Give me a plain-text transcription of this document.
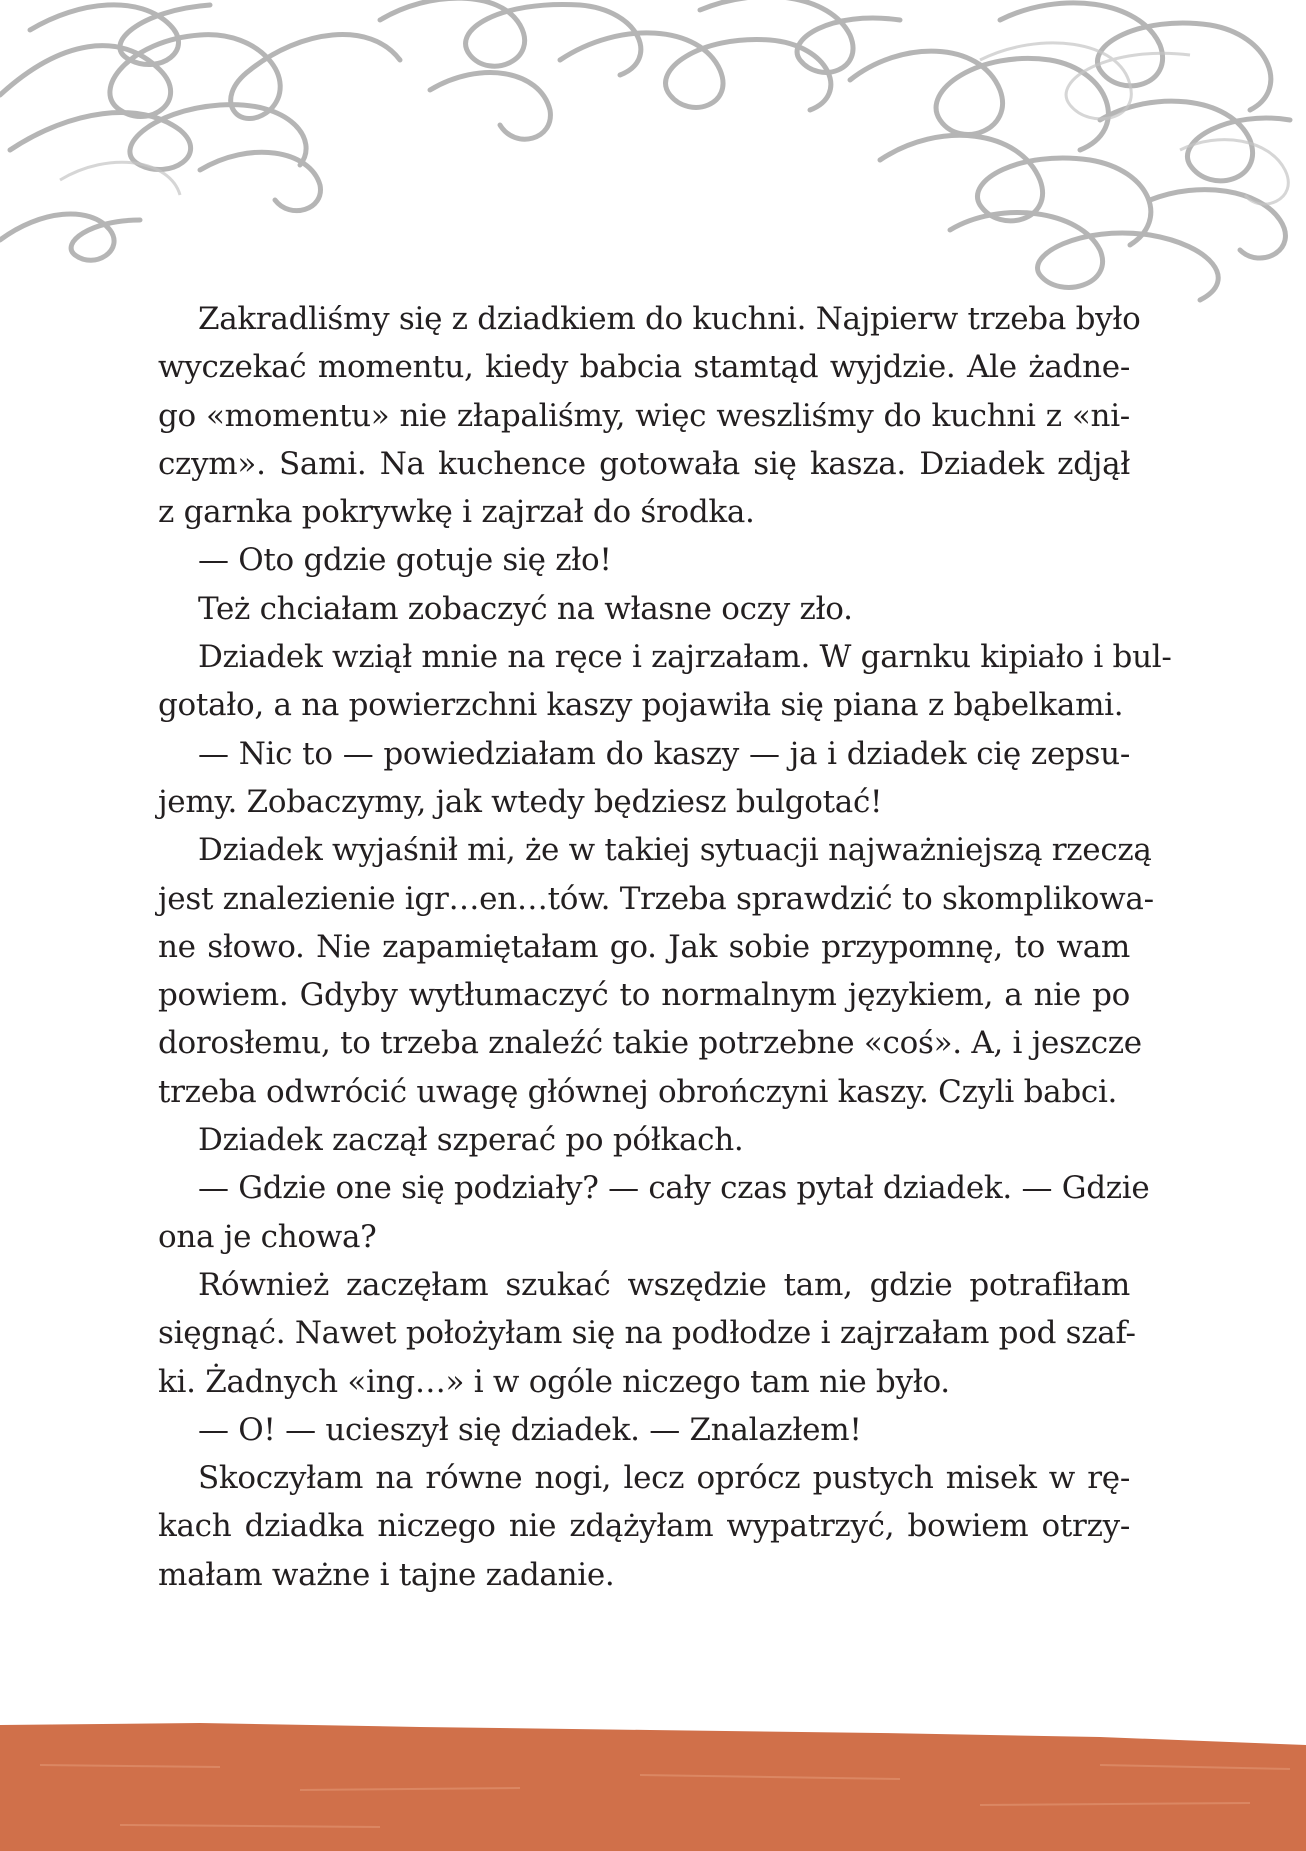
Zakradliśmy się z dziadkiem do kuchni. Najpierw trzeba było
wyczekać momentu, kiedy babcia stamtąd wyjdzie. Ale żadne-
go «momentu» nie złapaliśmy, więc weszliśmy do kuchni z «ni-
czym». Sami. Na kuchence gotowała się kasza. Dziadek zdjął
z garnka pokrywkę i zajrzał do środka.

— Oto gdzie gotuje się zło!

Też chciałam zobaczyć na własne oczy zło.

Dziadek wziął mnie na ręce i zajrzałam. W garnku kipiało i bul-
gotało, a na powierzchni kaszy pojawiła się piana z bąbelkami.

— Nic to — powiedziałam do kaszy — ja i dziadek cię zepsu-
jemy. Zobaczymy, jak wtedy będziesz bulgotać!

Dziadek wyjaśnił mi, że w takiej sytuacji najważniejszą rzeczą
jest znalezienie igr…en…tów. Trzeba sprawdzić to skomplikowa-
ne słowo. Nie zapamiętałam go. Jak sobie przypomnę, to wam
powiem. Gdyby wytłumaczyć to normalnym językiem, a nie po
dorosłemu, to trzeba znaleźć takie potrzebne «coś». A, i jeszcze
trzeba odwrócić uwagę głównej obrończyni kaszy. Czyli babci.

Dziadek zaczął szperać po półkach.

— Gdzie one się podziały? — cały czas pytał dziadek. — Gdzie
ona je chowa?

Również zaczęłam szukać wszędzie tam, gdzie potrafiłam
sięgnąć. Nawet położyłam się na podłodze i zajrzałam pod szaf-
ki. Żadnych «ing…» i w ogóle niczego tam nie było.

— O! — ucieszył się dziadek. — Znalazłem!

Skoczyłam na równe nogi, lecz oprócz pustych misek w rę-
kach dziadka niczego nie zdążyłam wypatrzyć, bowiem otrzy-
małam ważne i tajne zadanie.
